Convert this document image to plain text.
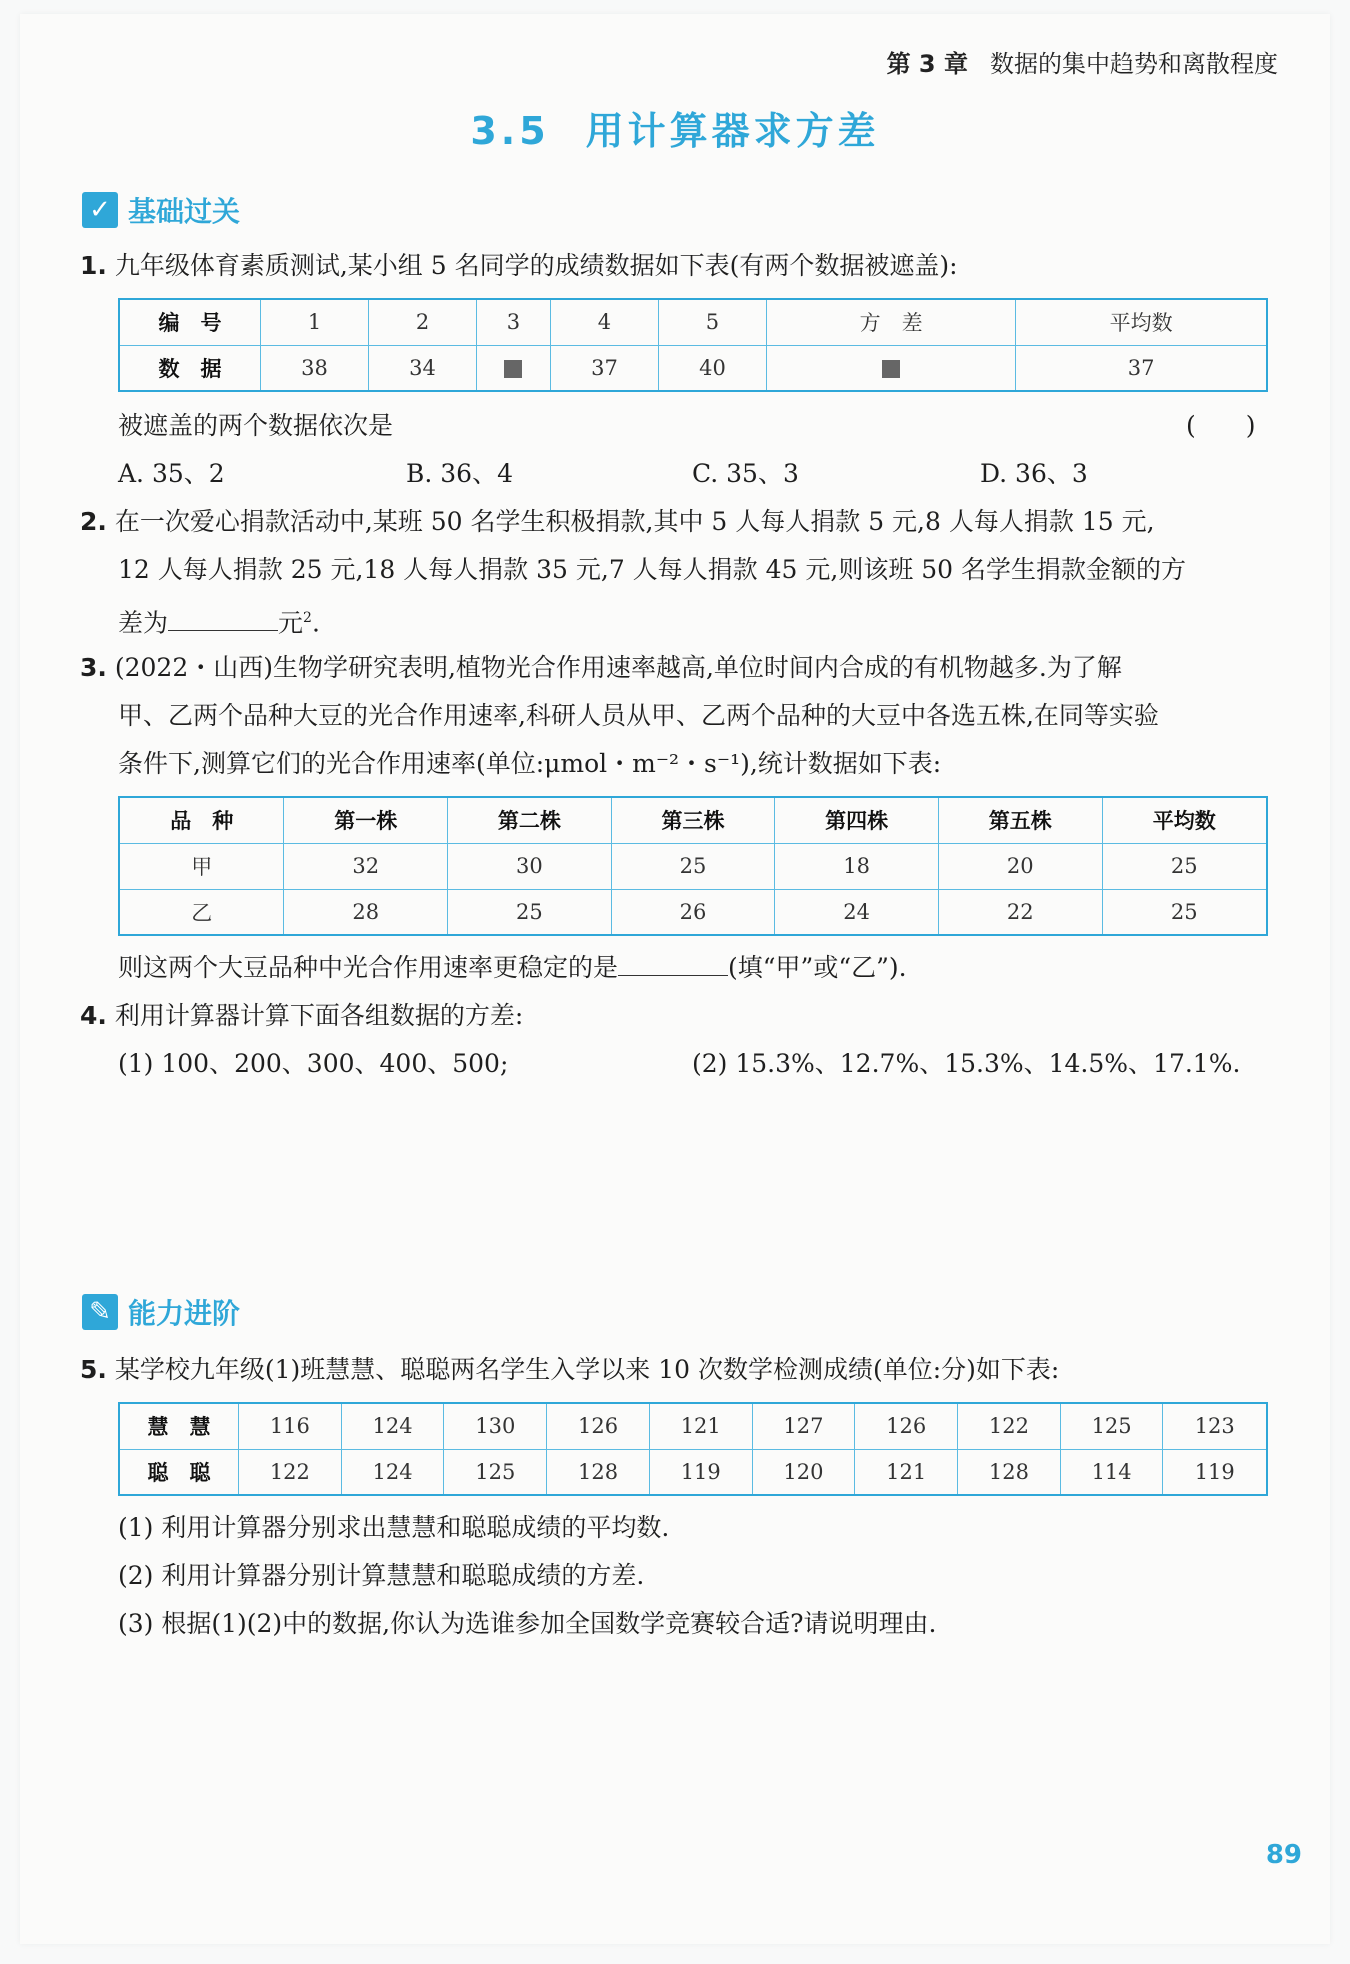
第 3 章 数据的集中趋势和离散程度
3.5 用计算器求方差
✓ 基础过关
1. 九年级体育素质测试,某小组 5 名同学的成绩数据如下表(有两个数据被遮盖):
编　号	1	2	3	4	5	方　差	平均数
数　据	38	34		37	40		37
被遮盖的两个数据依次是	(　　)
A. 35、2	B. 36、4	C. 35、3	D. 36、3
2. 在一次爱心捐款活动中,某班 50 名学生积极捐款,其中 5 人每人捐款 5 元,8 人每人捐款 15 元,
12 人每人捐款 25 元,18 人每人捐款 35 元,7 人每人捐款 45 元,则该班 50 名学生捐款金额的方
差为	元$^2$.
3. (2022・山西)生物学研究表明,植物光合作用速率越高,单位时间内合成的有机物越多.为了解
甲、乙两个品种大豆的光合作用速率,科研人员从甲、乙两个品种的大豆中各选五株,在同等实验
条件下,测算它们的光合作用速率(单位:μmol・m⁻²・s⁻¹),统计数据如下表:
品　种	第一株	第二株	第三株	第四株	第五株	平均数
甲	32	30	25	18	20	25
乙	28	25	26	24	22	25
则这两个大豆品种中光合作用速率更稳定的是	(填“甲”或“乙”).
4. 利用计算器计算下面各组数据的方差:
(1) 100、200、300、400、500;	(2) 15.3%、12.7%、15.3%、14.5%、17.1%.
✎ 能力进阶
5. 某学校九年级(1)班慧慧、聪聪两名学生入学以来 10 次数学检测成绩(单位:分)如下表:
慧　慧	116	124	130	126	121	127	126	122	125	123
聪　聪	122	124	125	128	119	120	121	128	114	119
(1) 利用计算器分别求出慧慧和聪聪成绩的平均数.
(2) 利用计算器分别计算慧慧和聪聪成绩的方差.
(3) 根据(1)(2)中的数据,你认为选谁参加全国数学竞赛较合适?请说明理由.
89
